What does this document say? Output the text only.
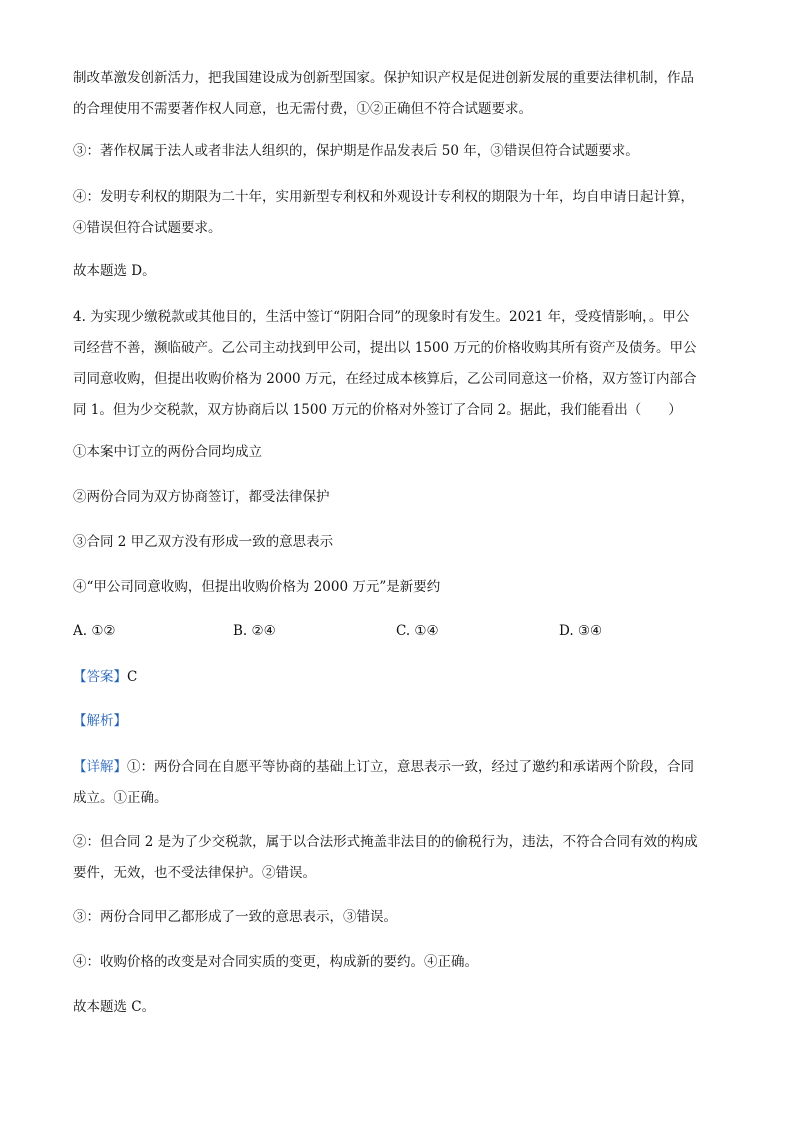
制改革激发创新活力，把我国建设成为创新型国家。保护知识产权是促进创新发展的重要法律机制，作品
的合理使用不需要著作权人同意，也无需付费，①②正确但不符合试题要求。

③：著作权属于法人或者非法人组织的，保护期是作品发表后 50 年，③错误但符合试题要求。

④：发明专利权的期限为二十年，实用新型专利权和外观设计专利权的期限为十年，均自申请日起计算，
④错误但符合试题要求。

故本题选 D。

4. 为实现少缴税款或其他目的，生活中签订“阴阳合同”的现象时有发生。2021 年，受疫情影响，。甲公
司经营不善，濒临破产。乙公司主动找到甲公司，提出以 1500 万元的价格收购其所有资产及债务。甲公
司同意收购，但提出收购价格为 2000 万元，在经过成本核算后，乙公司同意这一价格，双方签订内部合
同 1。但为少交税款，双方协商后以 1500 万元的价格对外签订了合同 2。据此，我们能看出（　　）

①本案中订立的两份合同均成立

②两份合同为双方协商签订，都受法律保护

③合同 2 甲乙双方没有形成一致的意思表示

④“甲公司同意收购，但提出收购价格为 2000 万元”是新要约

A. ①②	B. ②④	C. ①④	D. ③④

【答案】C

【解析】

【详解】①：两份合同在自愿平等协商的基础上订立，意思表示一致，经过了邀约和承诺两个阶段，合同
成立。①正确。

②：但合同 2 是为了少交税款，属于以合法形式掩盖非法目的的偷税行为，违法，不符合合同有效的构成
要件，无效，也不受法律保护。②错误。

③：两份合同甲乙都形成了一致的意思表示，③错误。

④：收购价格的改变是对合同实质的变更，构成新的要约。④正确。

故本题选 C。
